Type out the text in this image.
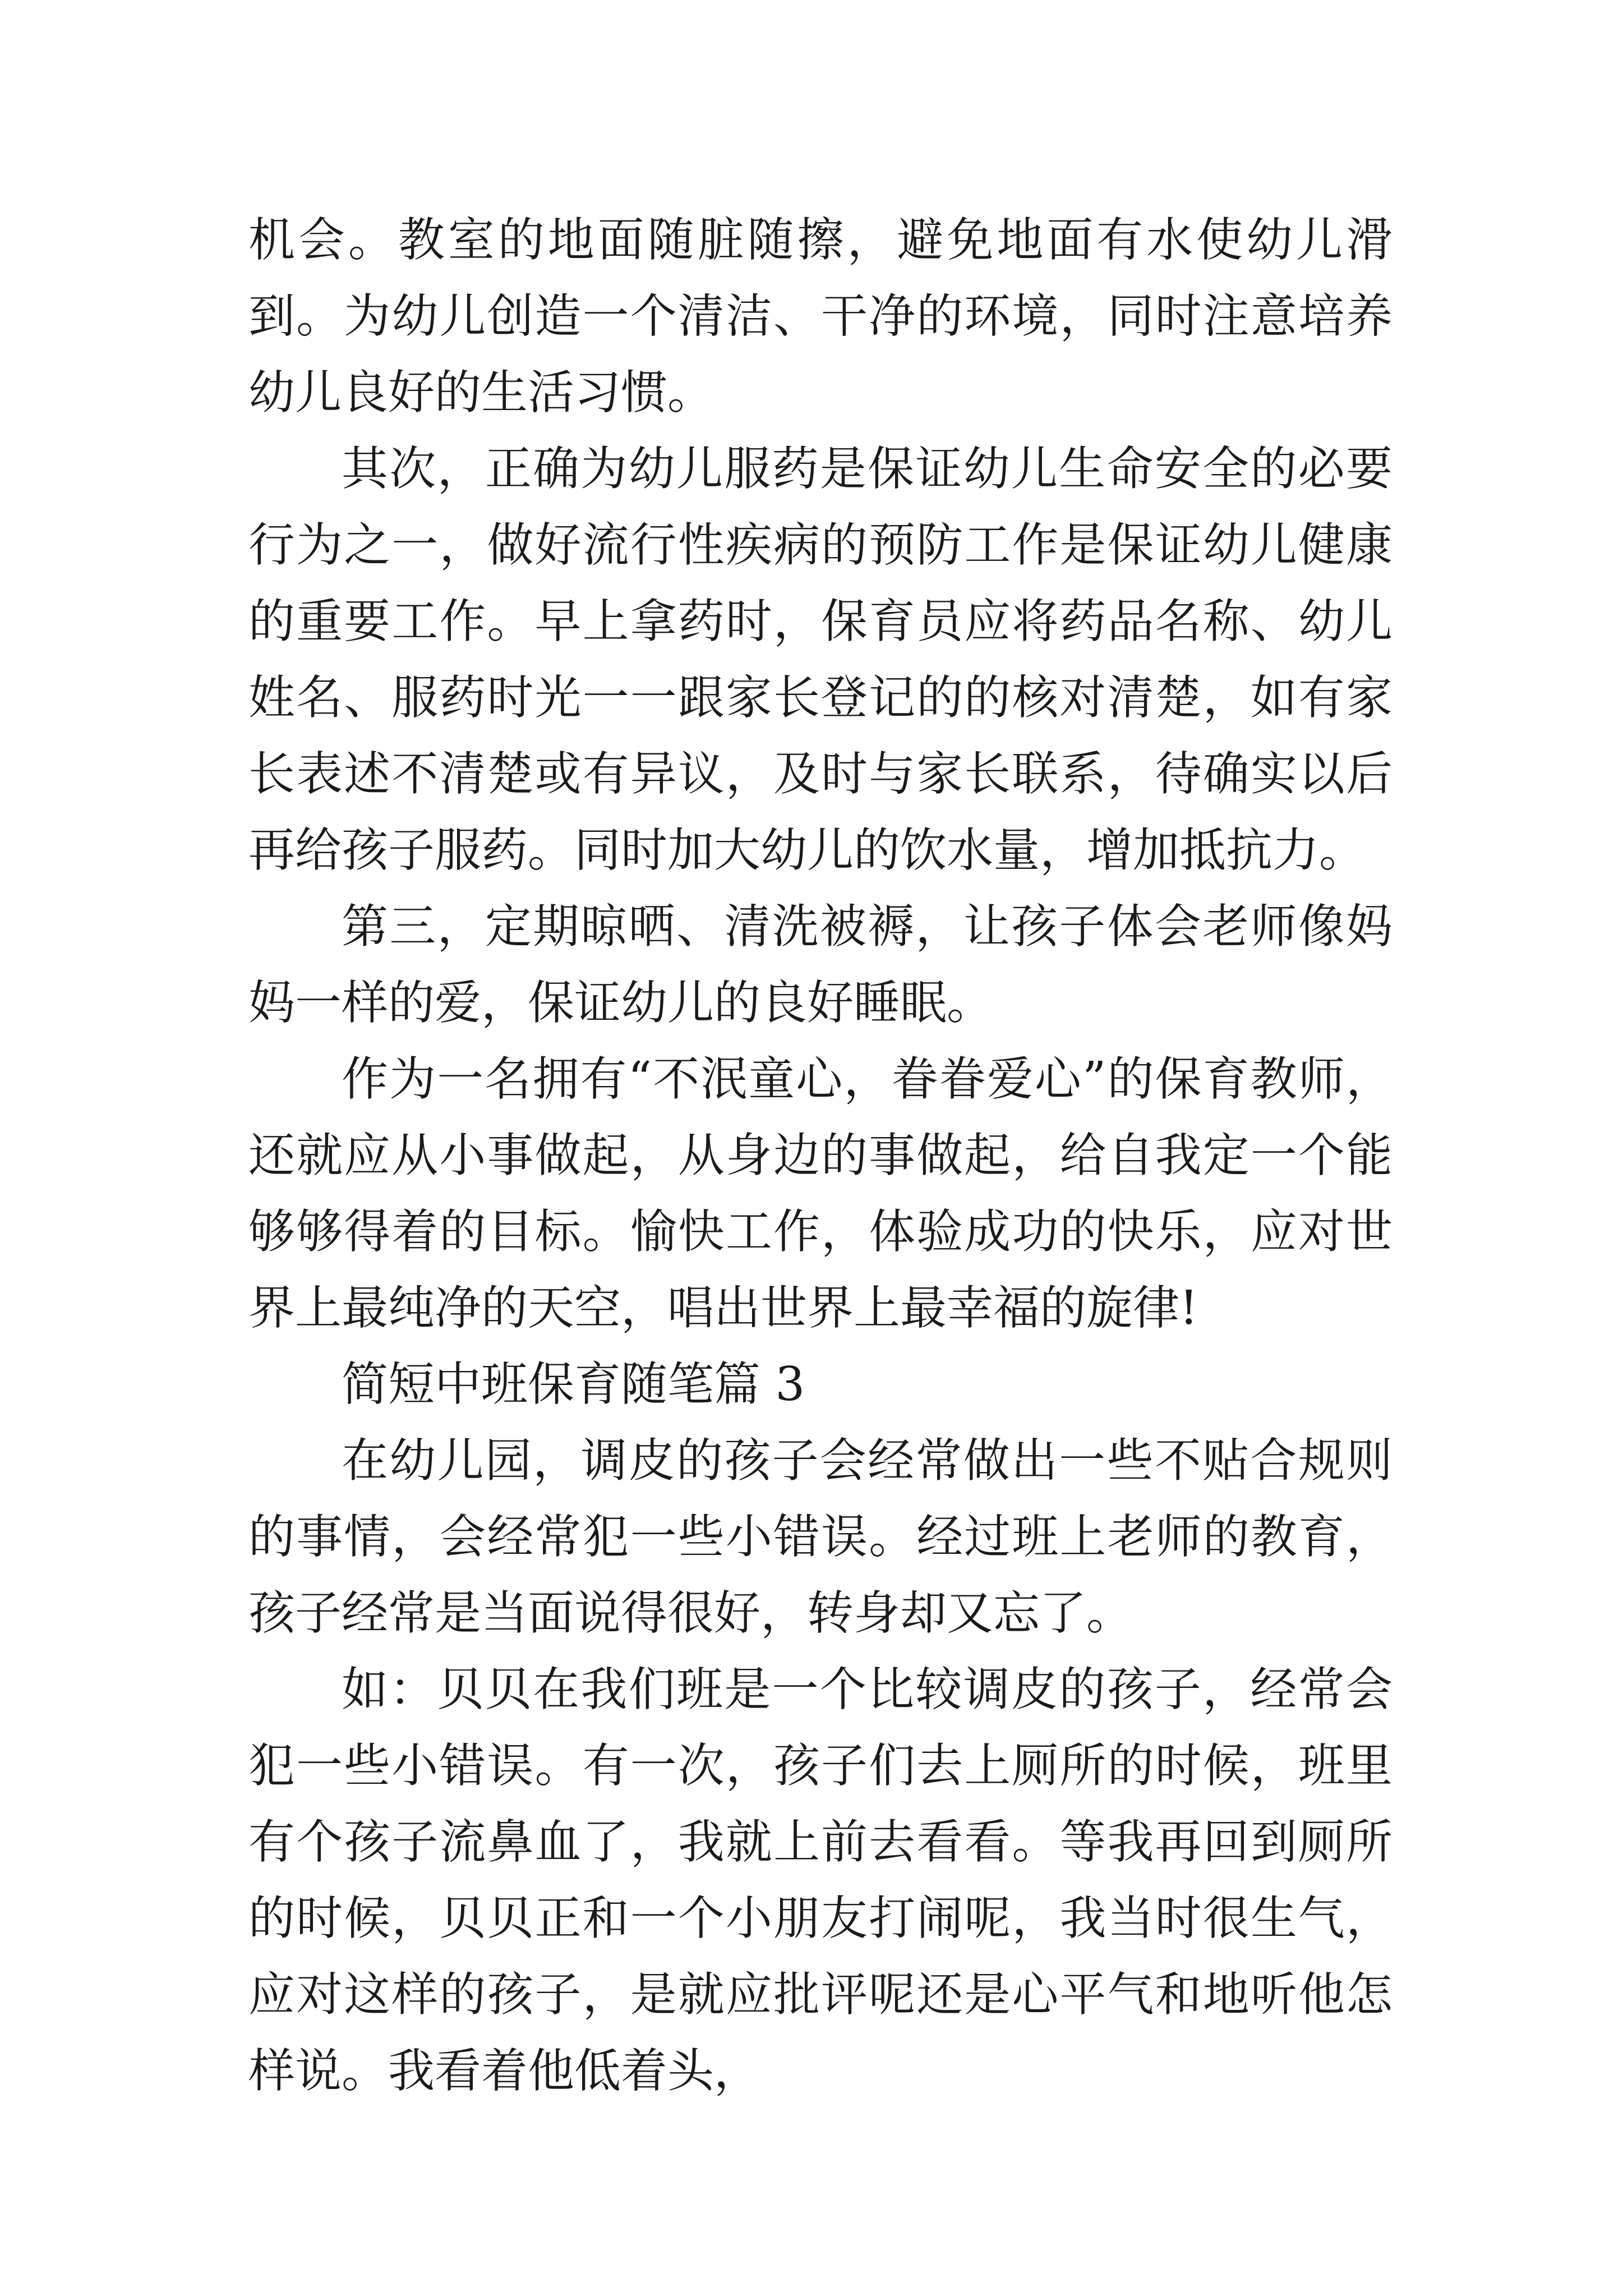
机会。教室的地面随脏随擦，避免地面有水使幼儿滑到。为幼儿创造一个清洁、干净的环境，同时注意培养幼儿良好的生活习惯。

其次，正确为幼儿服药是保证幼儿生命安全的必要行为之一，做好流行性疾病的预防工作是保证幼儿健康的重要工作。早上拿药时，保育员应将药品名称、幼儿姓名、服药时光一一跟家长登记的的核对清楚，如有家长表述不清楚或有异议，及时与家长联系，待确实以后再给孩子服药。同时加大幼儿的饮水量，增加抵抗力。

第三，定期晾晒、清洗被褥，让孩子体会老师像妈妈一样的爱，保证幼儿的良好睡眠。

作为一名拥有“不泯童心，眷眷爱心”的保育教师，还就应从小事做起，从身边的事做起，给自我定一个能够够得着的目标。愉快工作，体验成功的快乐，应对世界上最纯净的天空，唱出世界上最幸福的旋律!

简短中班保育随笔篇 3

在幼儿园，调皮的孩子会经常做出一些不贴合规则的事情，会经常犯一些小错误。经过班上老师的教育，孩子经常是当面说得很好，转身却又忘了。

如：贝贝在我们班是一个比较调皮的孩子，经常会犯一些小错误。有一次，孩子们去上厕所的时候，班里有个孩子流鼻血了，我就上前去看看。等我再回到厕所的时候，贝贝正和一个小朋友打闹呢，我当时很生气，应对这样的孩子，是就应批评呢还是心平气和地听他怎样说。我看着他低着头，
